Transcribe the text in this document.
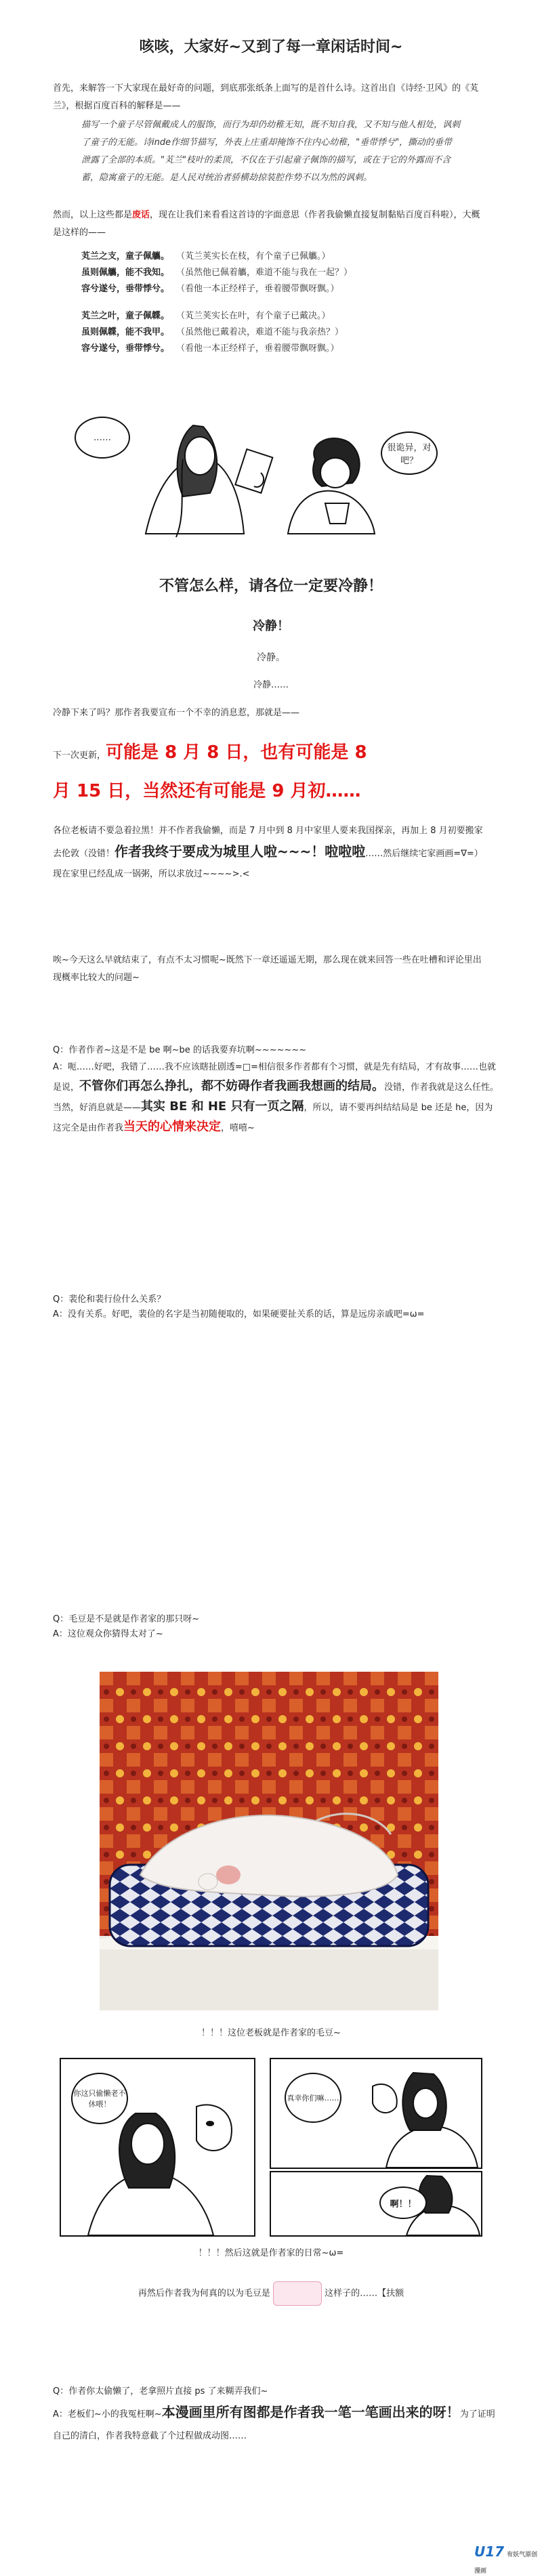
咳咳，大家好~又到了每一章闲话时间~

首先，来解答一下大家现在最好奇的问题，到底那张纸条上面写的是首什么诗。这首出自《诗经·卫风》的《芄兰》，根据百度百科的解释是——

描写一个童子尽管佩戴成人的服饰，而行为却仍幼稚无知，既不知自我，又不知与他人相处，讽刺了童子的无能。诗inde作细节描写，外表上庄重却掩饰不住内心幼稚，"垂带悸兮"，撕动的垂带泄露了全部的本质。"芄兰"枝叶的柔顶，不仅在于引起童子佩饰的描写，或在于它的外露而不含蓄，隐寓童子的无能。是人民对统治者骄横劫掠装腔作势不以为然的讽刺。

然而，以上这些都是废话，现在让我们来看看这首诗的字面意思（作者我偷懒直接复制黏贴百度百科啦），大概是这样的——

芄兰之支，童子佩觿。 （芄兰荚实长在枝，有个童子已佩觿。）
虽则佩觿，能不我知。 （虽然他已佩着觿，难道不能与我在一起？）
容兮遂兮，垂带悸兮。 （看他一本正经样子，垂着腰带飘呀飘。）
芄兰之叶，童子佩韘。 （芄兰荚实长在叶，有个童子已戴决。）
虽则佩韘，能不我甲。 （虽然他已戴着决，难道不能与我亲热？）
容兮遂兮，垂带悸兮。 （看他一本正经样子，垂着腰带飘呀飘。）
……
很诡异，对吧？
不管怎么样，请各位一定要冷静！
冷静！
冷静。
冷静……

冷静下来了吗？那作者我要宣布一个不幸的消息惹，那就是——

下一次更新，可能是 8 月 8 日，也有可能是 8
月 15 日，当然还有可能是 9 月初……

各位老板请不要急着拉黑！并不作者我偷懒，而是 7 月中到 8 月中家里人要来我国探亲，再加上 8 月初要搬家去伦敦（没错！作者我终于要成为城里人啦~~~！啦啦啦……然后继续宅家画画=∇=）现在家里已经乱成一锅粥，所以求放过~~~~>.<

唉~今天这么早就结束了，有点不太习惯呢~既然下一章还遥遥无期，那么现在就来回答一些在吐槽和评论里出现概率比较大的问题~

Q：作者作者~这是不是 be 啊~be 的话我要弃坑啊~~~~~~~
A：呃……好吧，我错了……我不应该瞎扯剧透=□=相信很多作者都有个习惯，就是先有结局，才有故事……也就是说，不管你们再怎么挣扎，都不妨碍作者我画我想画的结局。没错，作者我就是这么任性。当然，好消息就是——其实 BE 和 HE 只有一页之隔，所以，请不要再纠结结局是 be 还是 he，因为这完全是由作者我当天的心情来决定，嘻嘻~
Q：裴伦和裴行俭什么关系？
A：没有关系。好吧，裴俭的名字是当初随便取的，如果硬要扯关系的话，算是远房亲戚吧=ω=
Q：毛豆是不是就是作者家的那只呀~
A：这位观众你猜得太对了~
！！！这位老板就是作者家的毛豆~
你这只偷懒老不休喂！
真幸你们嘛……
啊！！
！！！然后这就是作者家的日常~ω=
再然后作者我为何真的以为毛豆是	这样子的……【扶额
Q：作者你太偷懒了，老拿照片直接 ps 了来糊弄我们~
A：老板们~小的我冤枉啊~本漫画里所有图都是作者我一笔一笔画出来的呀！为了证明自己的清白，作者我特意截了个过程做成动图……
U17 有妖气原创漫画
